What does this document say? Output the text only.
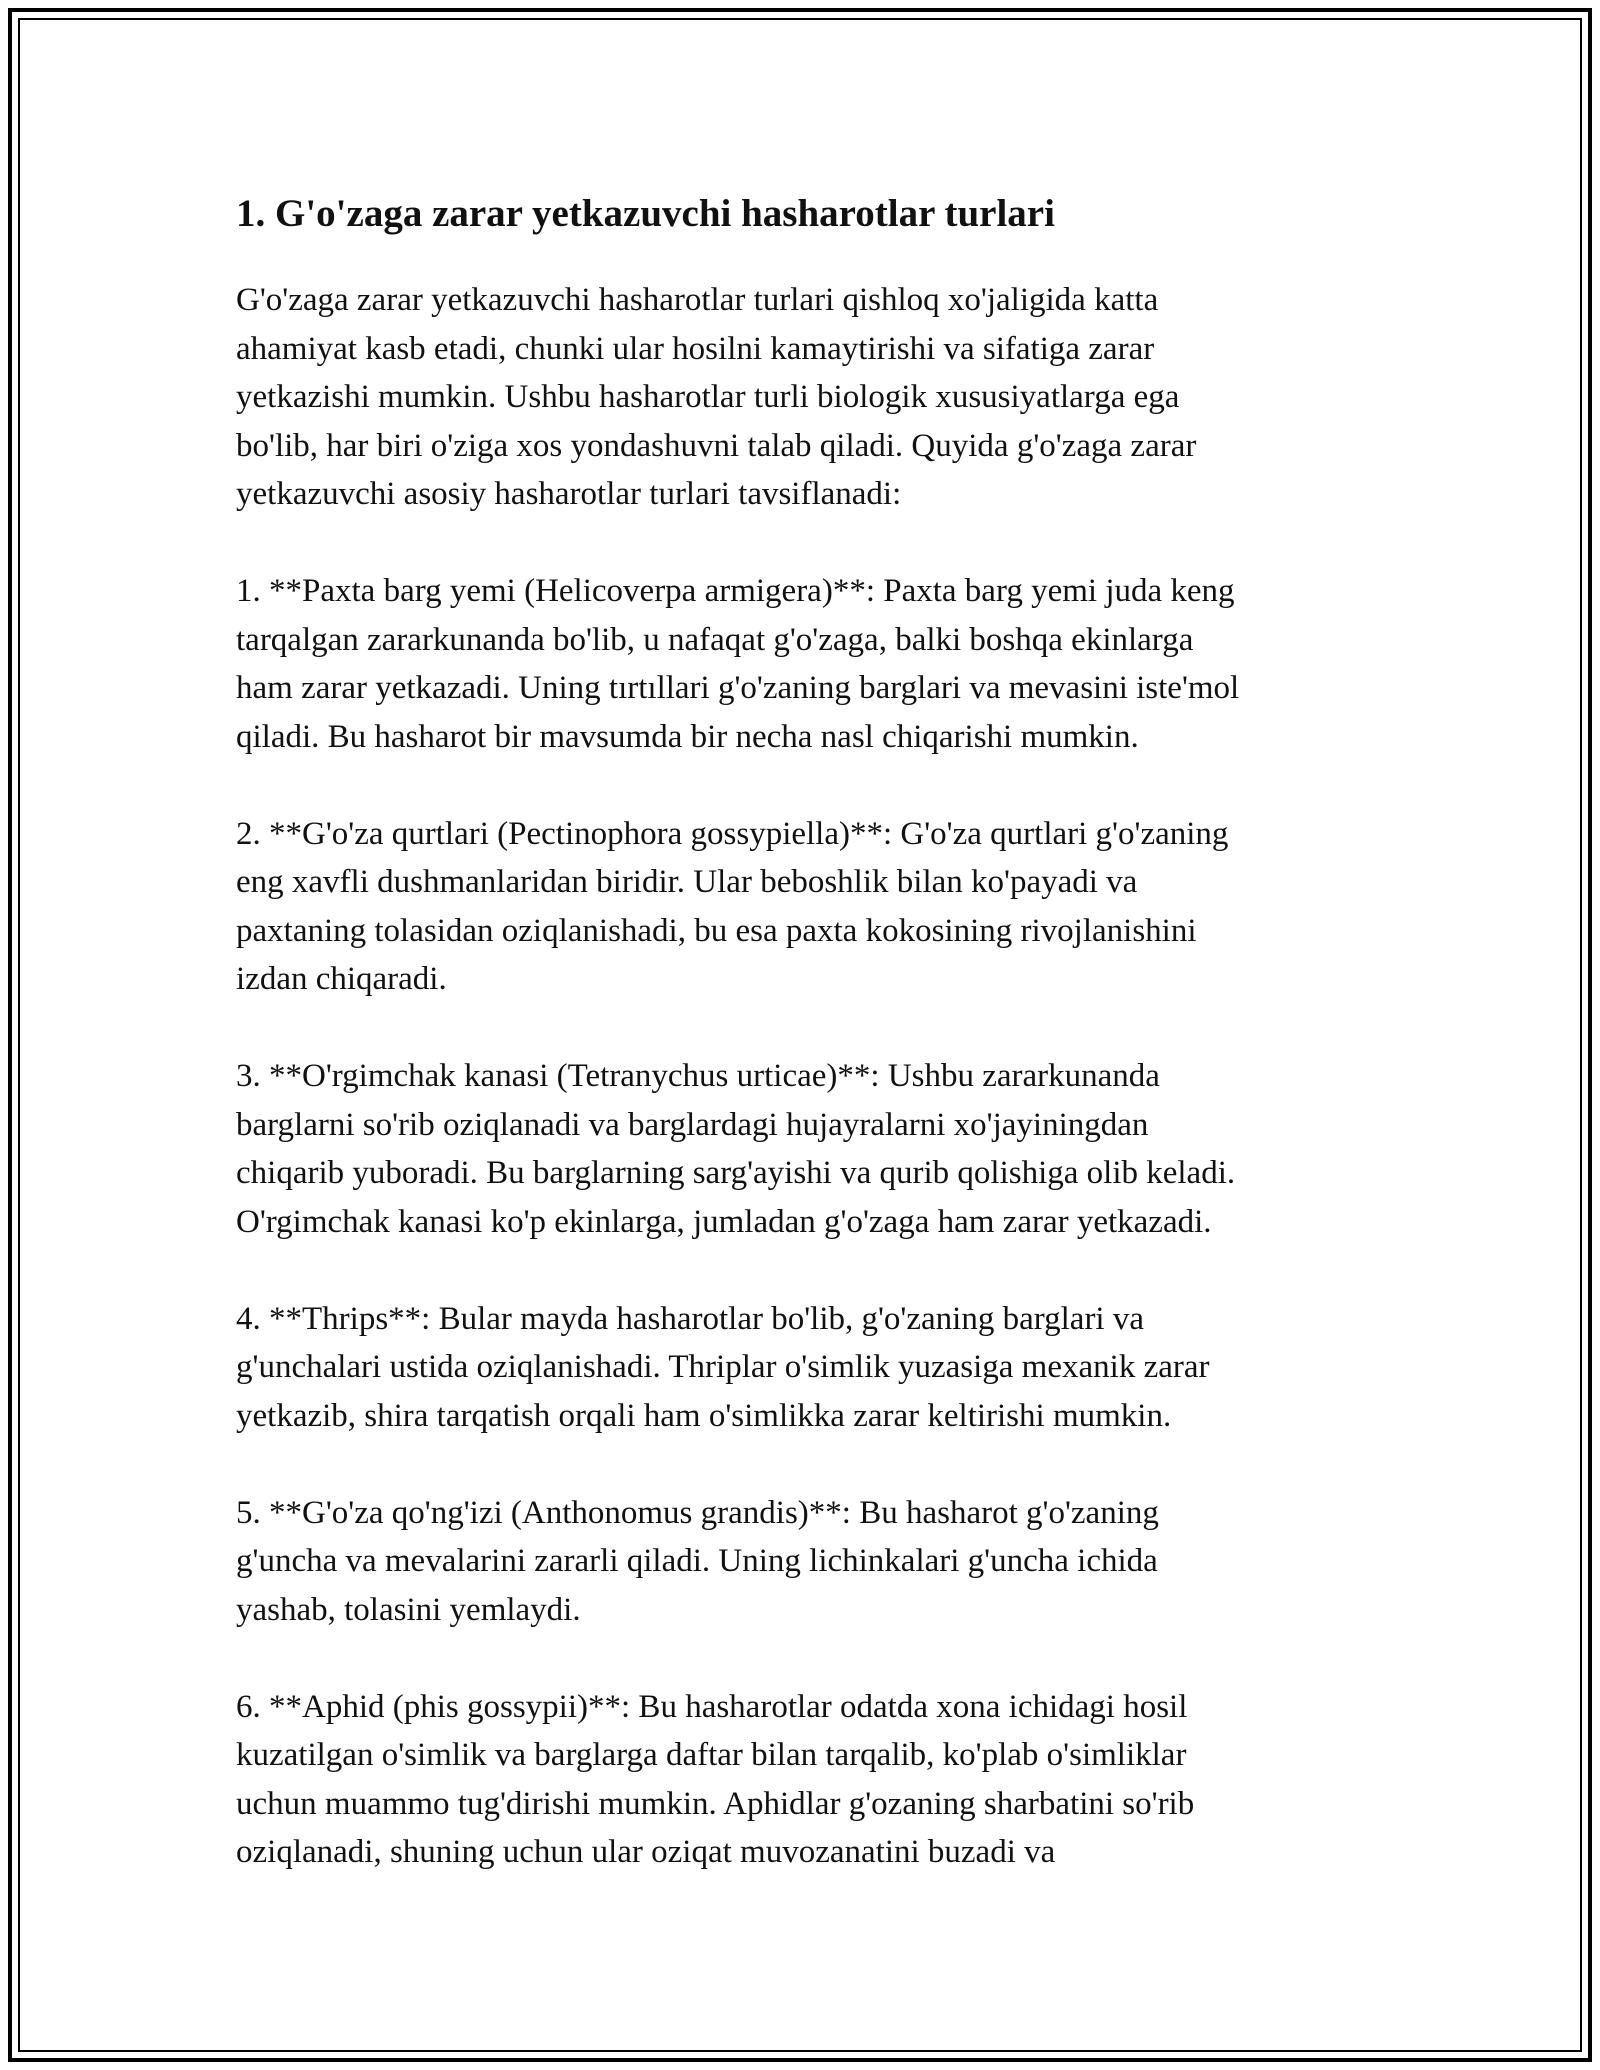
1. G'o'zaga zarar yetkazuvchi hasharotlar turlari

G'o'zaga zarar yetkazuvchi hasharotlar turlari qishloq xo'jaligida katta
ahamiyat kasb etadi, chunki ular hosilni kamaytirishi va sifatiga zarar
yetkazishi mumkin. Ushbu hasharotlar turli biologik xususiyatlarga ega
bo'lib, har biri o'ziga xos yondashuvni talab qiladi. Quyida g'o'zaga zarar
yetkazuvchi asosiy hasharotlar turlari tavsiflanadi:

1. **Paxta barg yemi (Helicoverpa armigera)**: Paxta barg yemi juda keng
tarqalgan zararkunanda bo'lib, u nafaqat g'o'zaga, balki boshqa ekinlarga
ham zarar yetkazadi. Uning tırtıllari g'o'zaning barglari va mevasini iste'mol
qiladi. Bu hasharot bir mavsumda bir necha nasl chiqarishi mumkin.

2. **G'o'za qurtlari (Pectinophora gossypiella)**: G'o'za qurtlari g'o'zaning
eng xavfli dushmanlaridan biridir. Ular beboshlik bilan ko'payadi va
paxtaning tolasidan oziqlanishadi, bu esa paxta kokosining rivojlanishini
izdan chiqaradi.

3. **O'rgimchak kanasi (Tetranychus urticae)**: Ushbu zararkunanda
barglarni so'rib oziqlanadi va barglardagi hujayralarni xo'jayiningdan
chiqarib yuboradi. Bu barglarning sarg'ayishi va qurib qolishiga olib keladi.
O'rgimchak kanasi ko'p ekinlarga, jumladan g'o'zaga ham zarar yetkazadi.

4. **Thrips**: Bular mayda hasharotlar bo'lib, g'o'zaning barglari va
g'unchalari ustida oziqlanishadi. Thriplar o'simlik yuzasiga mexanik zarar
yetkazib, shira tarqatish orqali ham o'simlikka zarar keltirishi mumkin.

5. **G'o'za qo'ng'izi (Anthonomus grandis)**: Bu hasharot g'o'zaning
g'uncha va mevalarini zararli qiladi. Uning lichinkalari g'uncha ichida
yashab, tolasini yemlaydi.

6. **Aphid (phis gossypii)**: Bu hasharotlar odatda xona ichidagi hosil
kuzatilgan o'simlik va barglarga daftar bilan tarqalib, ko'plab o'simliklar
uchun muammo tug'dirishi mumkin. Aphidlar g'ozaning sharbatini so'rib
oziqlanadi, shuning uchun ular oziqat muvozanatini buzadi va
